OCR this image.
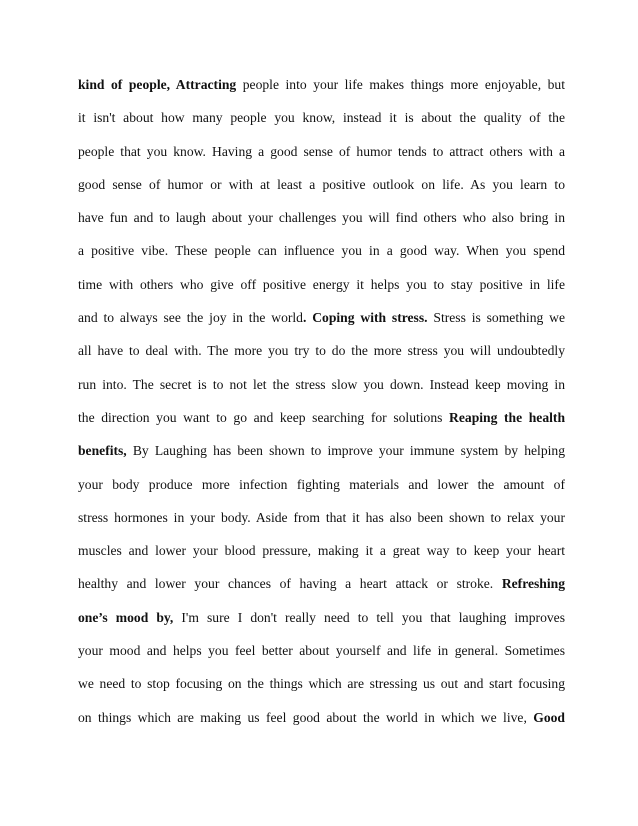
kind of people, Attracting people into your life makes things more enjoyable, but
it isn't about how many people you know, instead it is about the quality of the
people that you know. Having a good sense of humor tends to attract others with a
good sense of humor or with at least a positive outlook on life. As you learn to
have fun and to laugh about your challenges you will find others who also bring in
a positive vibe. These people can influence you in a good way. When you spend
time with others who give off positive energy it helps you to stay positive in life
and to always see the joy in the world. Coping with stress. Stress is something we
all have to deal with. The more you try to do the more stress you will undoubtedly
run into. The secret is to not let the stress slow you down. Instead keep moving in
the direction you want to go and keep searching for solutions Reaping the health
benefits, By Laughing has been shown to improve your immune system by helping
your body produce more infection fighting materials and lower the amount of
stress hormones in your body. Aside from that it has also been shown to relax your
muscles and lower your blood pressure, making it a great way to keep your heart
healthy and lower your chances of having a heart attack or stroke. Refreshing
one’s mood by, I'm sure I don't really need to tell you that laughing improves
your mood and helps you feel better about yourself and life in general. Sometimes
we need to stop focusing on the things which are stressing us out and start focusing
on things which are making us feel good about the world in which we live, Good
